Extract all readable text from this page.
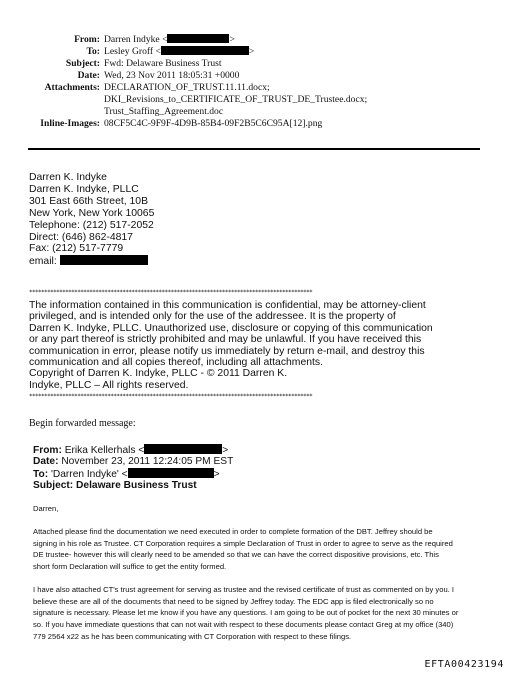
From: Darren Indyke <	>
To: Lesley Groff <	>
Subject: Fwd: Delaware Business Trust
Date: Wed, 23 Nov 2011 18:05:31 +0000
Attachments: DECLARATION_OF_TRUST.11.11.docx;
DKI_Revisions_to_CERTIFICATE_OF_TRUST_DE_Trustee.docx;
Trust_Staffing_Agreement.doc
Inline-Images: 08CF5C4C-9F9F-4D9B-85B4-09F2B5C6C95A[12].png
Darren K. Indyke
Darren K. Indyke, PLLC
301 East 66th Street, 10B
New York, New York 10065
Telephone: (212) 517-2052
Direct: (646) 862-4817
Fax: (212) 517-7779
email:
**********************************************************************************************
The information contained in this communication is confidential, may be attorney-client
privileged, and is intended only for the use of the addressee. It is the property of
Darren K. Indyke, PLLC. Unauthorized use, disclosure or copying of this communication
or any part thereof is strictly prohibited and may be unlawful. If you have received this
communication in error, please notify us immediately by return e-mail, and destroy this
communication and all copies thereof, including all attachments.
Copyright of Darren K. Indyke, PLLC - © 2011 Darren K.
Indyke, PLLC – All rights reserved.
**********************************************************************************************
Begin forwarded message:
From: Erika Kellerhals <	>
Date: November 23, 2011 12:24:05 PM EST
To: 'Darren Indyke' <	>
Subject: Delaware Business Trust
Darren,
Attached please find the documentation we need executed in order to complete formation of the DBT. Jeffrey should be
signing in his role as Trustee. CT Corporation requires a simple Declaration of Trust in order to agree to serve as the required
DE trustee- however this will clearly need to be amended so that we can have the correct dispositive provisions, etc. This
short form Declaration will suffice to get the entity formed.
I have also attached CT's trust agreement for serving as trustee and the revised certificate of trust as commented on by you. I
believe these are all of the documents that need to be signed by Jeffrey today. The EDC app is filed electronically so no
signature is necessary. Please let me know if you have any questions. I am going to be out of pocket for the next 30 minutes or
so. If you have immediate questions that can not wait with respect to these documents please contact Greg at my office (340)
779 2564 x22 as he has been communicating with CT Corporation with respect to these filings.
EFTA00423194
